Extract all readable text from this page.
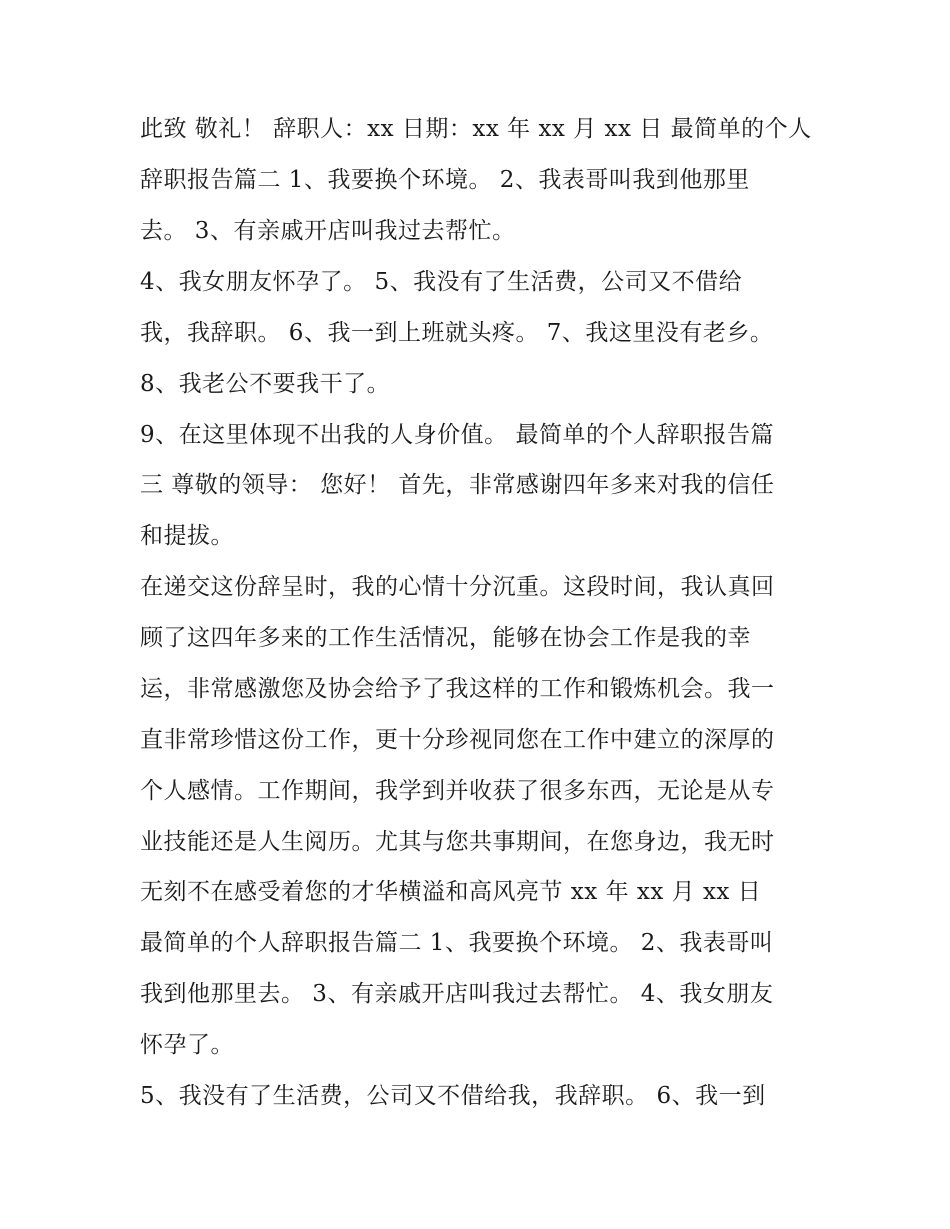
此致 敬礼！ 辞职人：xx 日期：xx 年 xx 月 xx 日 最简单的个人
辞职报告篇二 1、我要换个环境。 2、我表哥叫我到他那里
去。 3、有亲戚开店叫我过去帮忙。
4、我女朋友怀孕了。 5、我没有了生活费，公司又不借给
我，我辞职。 6、我一到上班就头疼。 7、我这里没有老乡。
8、我老公不要我干了。
9、在这里体现不出我的人身价值。 最简单的个人辞职报告篇
三 尊敬的领导： 您好！ 首先，非常感谢四年多来对我的信任
和提拔。
在递交这份辞呈时，我的心情十分沉重。这段时间，我认真回
顾了这四年多来的工作生活情况，能够在协会工作是我的幸
运，非常感激您及协会给予了我这样的工作和锻炼机会。我一
直非常珍惜这份工作，更十分珍视同您在工作中建立的深厚的
个人感情。工作期间，我学到并收获了很多东西，无论是从专
业技能还是人生阅历。尤其与您共事期间，在您身边，我无时
无刻不在感受着您的才华横溢和高风亮节 xx 年 xx 月 xx 日
最简单的个人辞职报告篇二 1、我要换个环境。 2、我表哥叫
我到他那里去。 3、有亲戚开店叫我过去帮忙。 4、我女朋友
怀孕了。
5、我没有了生活费，公司又不借给我，我辞职。 6、我一到
